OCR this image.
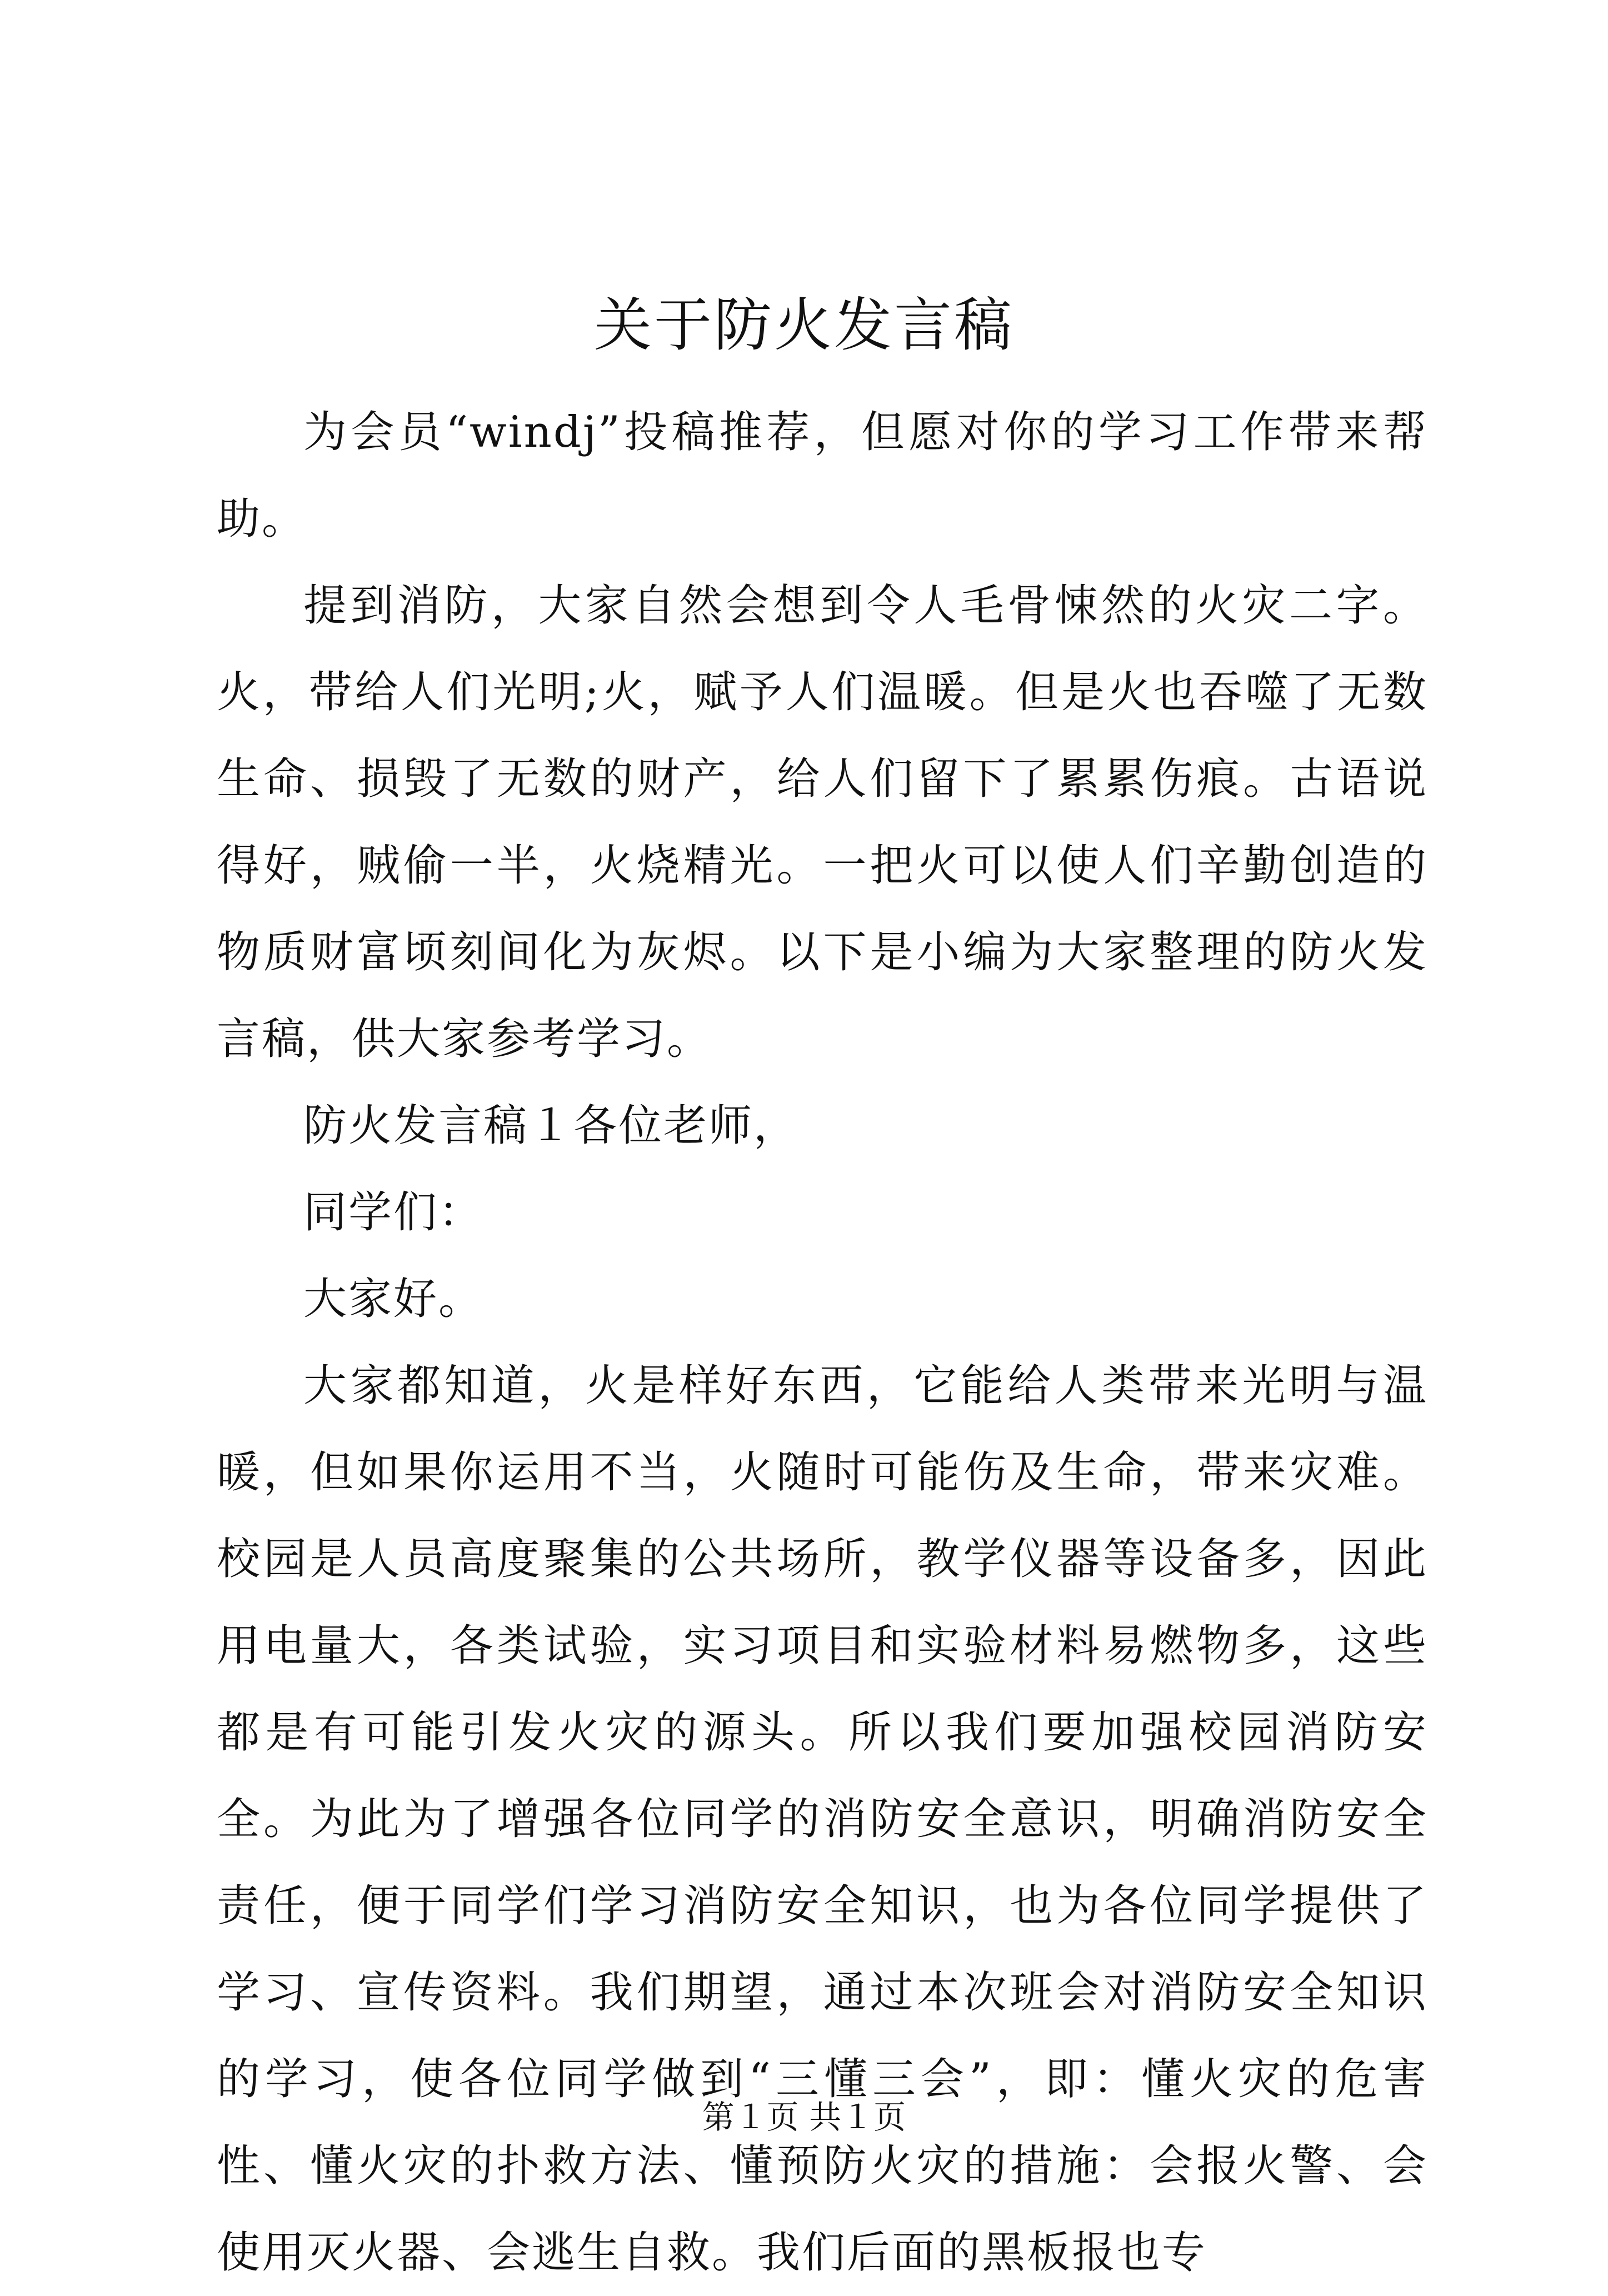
关于防火发言稿

为会员“windj”投稿推荐，但愿对你的学习工作带来帮助。

提到消防，大家自然会想到令人毛骨悚然的火灾二字。火，带给人们光明;火，赋予人们温暖。但是火也吞噬了无数生命、损毁了无数的财产，给人们留下了累累伤痕。古语说得好，贼偷一半，火烧精光。一把火可以使人们辛勤创造的物质财富顷刻间化为灰烬。以下是小编为大家整理的防火发言稿，供大家参考学习。

防火发言稿１各位老师，

同学们：

大家好。

大家都知道，火是样好东西，它能给人类带来光明与温暖，但如果你运用不当，火随时可能伤及生命，带来灾难。校园是人员高度聚集的公共场所，教学仪器等设备多，因此用电量大，各类试验，实习项目和实验材料易燃物多，这些都是有可能引发火灾的源头。所以我们要加强校园消防安全。为此为了增强各位同学的消防安全意识，明确消防安全责任，便于同学们学习消防安全知识，也为各位同学提供了学习、宣传资料。我们期望，通过本次班会对消防安全知识的学习，使各位同学做到“三懂三会”，即：懂火灾的危害性、懂火灾的扑救方法、懂预防火灾的措施：会报火警、会使用灭火器、会逃生自救。我们后面的黑板报也专

第１页 共１页
